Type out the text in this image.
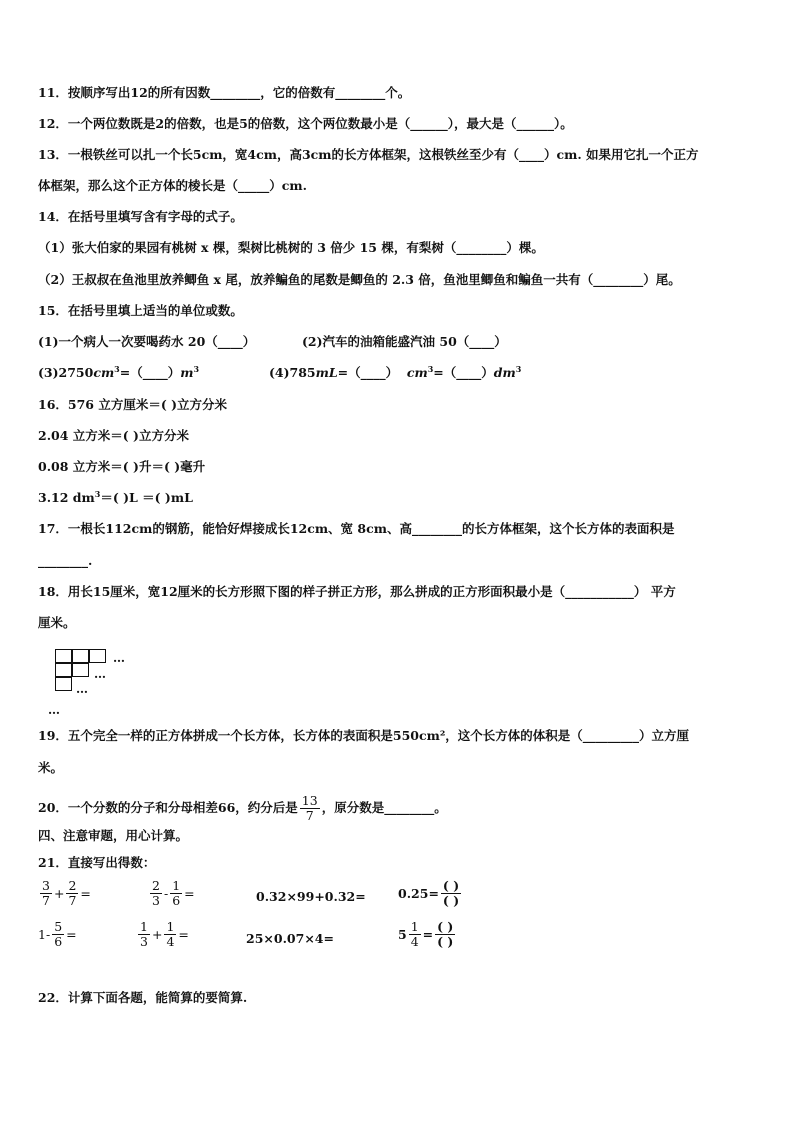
11．按顺序写出12的所有因数________，它的倍数有________个。
12．一个两位数既是2的倍数，也是5的倍数，这个两位数最小是（______），最大是（______）。
13．一根铁丝可以扎一个长5cm，宽4cm，高3cm的长方体框架，这根铁丝至少有（____）cm. 如果用它扎一个正方
体框架，那么这个正方体的棱长是（_____）cm.
14．在括号里填写含有字母的式子。
（1）张大伯家的果园有桃树 x 棵，梨树比桃树的 3 倍少 15 棵，有梨树（________）棵。
（2）王叔叔在鱼池里放养鲫鱼 x 尾，放养鳊鱼的尾数是鲫鱼的 2.3 倍，鱼池里鲫鱼和鳊鱼一共有（________）尾。
15．在括号里填上适当的单位或数。
(1)一个病人一次要喝药水 20（____）	(2)汽车的油箱能盛汽油 50（____）
$(3)2750cm^3=(\_\_\_\_)m^3$	(4)785mL=（____） $cm^3=(\_\_\_\_)dm^3$
16．576 立方厘米＝( )立方分米
2.04 立方米＝( )立方分米
0.08 立方米＝( )升＝( )毫升
3.12 $dm^3=$( )L ＝( )mL
17．一根长112cm的钢筋，能恰好焊接成长12cm、宽 8cm、高________的长方体框架，这个长方体的表面积是
________.
18．用长15厘米，宽12厘米的长方形照下图的样子拼正方形，那么拼成的正方形面积最小是（___________） 平方
厘米。
…
…
…
…
19．五个完全一样的正方体拼成一个长方体，长方体的表面积是550cm²，这个长方体的体积是（_________）立方厘
米。
20．一个分数的分子和分母相差66，约分后是 $\frac{13}{7}$ ，原分数是________。
四、注意审题，用心计算。
21．直接写出得数：
$\frac{3}{7} + \frac{2}{7}$ =	$\frac{2}{3} - \frac{1}{6}$ =	0.32×99+0.32=	$0.25= \frac{( )}{( )}$
$1- \frac{5}{6}$ =	$\frac{1}{3} + \frac{1}{4}$ =	25×0.07×4=	$5 \frac{1}{4} = \frac{( )}{( )}$
22．计算下面各题，能简算的要简算.
